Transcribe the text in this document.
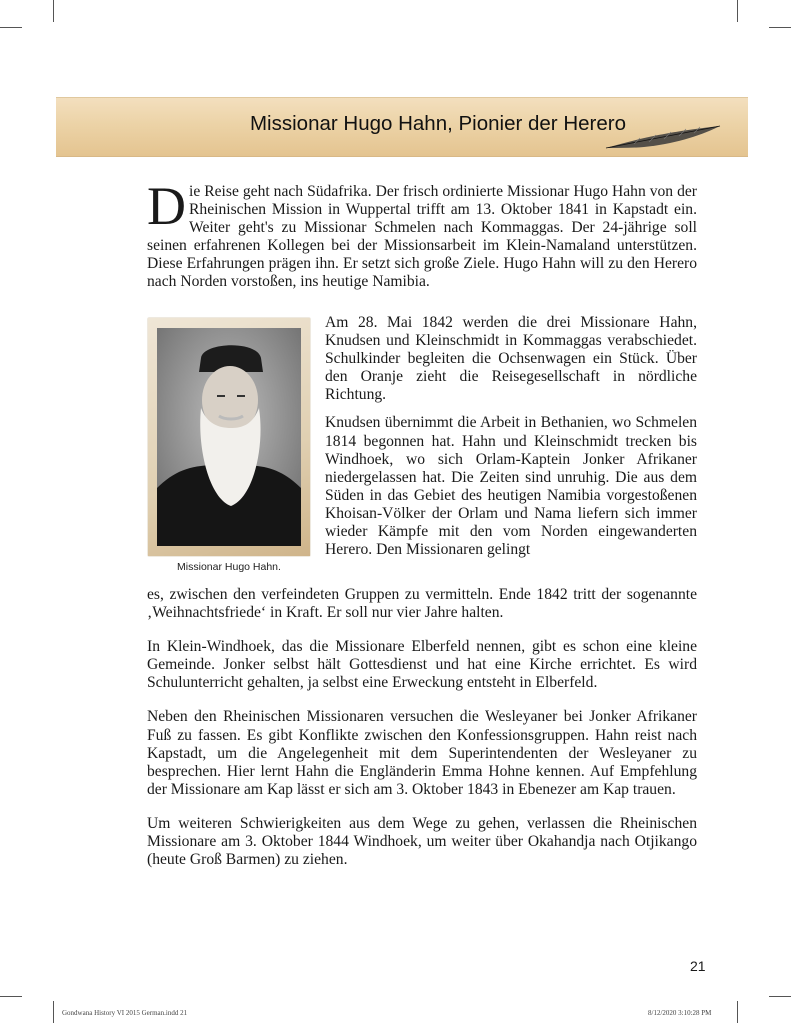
Missionar Hugo Hahn, Pionier der Herero
Die Reise geht nach Südafrika. Der frisch ordinierte Missionar Hugo Hahn von der Rheinischen Mission in Wuppertal trifft am 13. Oktober 1841 in Kapstadt ein. Weiter geht's zu Missionar Schmelen nach Kommaggas. Der 24-jährige soll seinen erfahrenen Kollegen bei der Missionsarbeit im Klein-Namaland unterstützen. Diese Erfahrungen prägen ihn. Er setzt sich große Ziele. Hugo Hahn will zu den Herero nach Norden vorstoßen, ins heutige Namibia.
Missionar Hugo Hahn.

Am 28. Mai 1842 werden die drei Missionare Hahn, Knudsen und Kleinschmidt in Kommaggas verabschiedet. Schulkinder begleiten die Ochsenwagen ein Stück. Über den Oranje zieht die Reisegesellschaft in nördliche Richtung.

Knudsen übernimmt die Arbeit in Bethanien, wo Schmelen 1814 begonnen hat. Hahn und Kleinschmidt trecken bis Windhoek, wo sich Orlam-Kaptein Jonker Afrikaner niedergelassen hat. Die Zeiten sind unruhig. Die aus dem Süden in das Gebiet des heutigen Namibia vorgestoßenen Khoisan-Völker der Orlam und Nama liefern sich immer wieder Kämpfe mit den vom Norden eingewanderten Herero. Den Missionaren gelingt

es, zwischen den verfeindeten Gruppen zu vermitteln. Ende 1842 tritt der sogenannte ‚Weihnachtsfriede‘ in Kraft. Er soll nur vier Jahre halten.

In Klein-Windhoek, das die Missionare Elberfeld nennen, gibt es schon eine kleine Gemeinde. Jonker selbst hält Gottesdienst und hat eine Kirche errichtet. Es wird Schulunterricht gehalten, ja selbst eine Erweckung entsteht in Elberfeld.

Neben den Rheinischen Missionaren versuchen die Wesleyaner bei Jonker Afrikaner Fuß zu fassen. Es gibt Konflikte zwischen den Konfessionsgruppen. Hahn reist nach Kapstadt, um die Angelegenheit mit dem Superintendenten der Wesleyaner zu besprechen. Hier lernt Hahn die Engländerin Emma Hohne kennen. Auf Empfehlung der Missionare am Kap lässt er sich am 3. Oktober 1843 in Ebenezer am Kap trauen.

Um weiteren Schwierigkeiten aus dem Wege zu gehen, verlassen die Rheinischen Missionare am 3. Oktober 1844 Windhoek, um weiter über Okahandja nach Otjikango (heute Groß Barmen) zu ziehen.

21
Gondwana History VI 2015 German.indd 21	8/12/2020 3:10:28 PM
